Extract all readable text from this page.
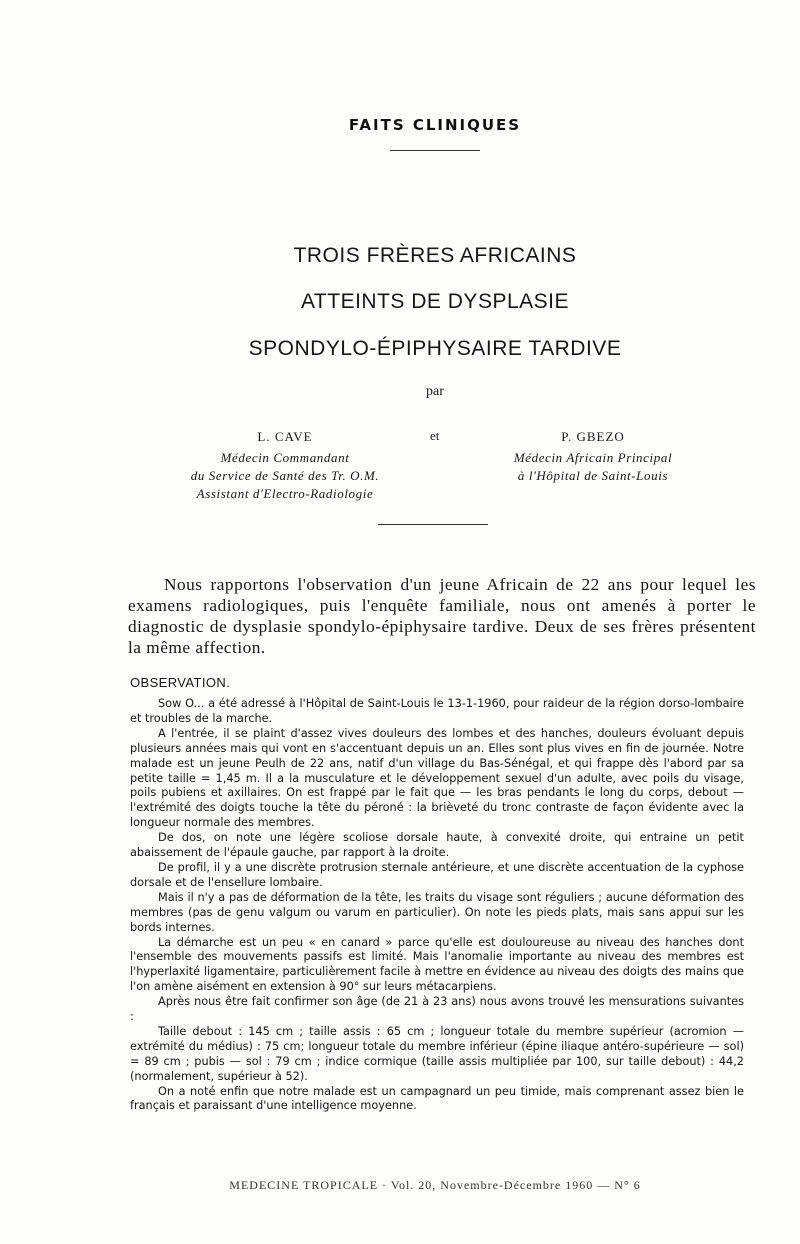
FAITS CLINIQUES
TROIS FRÈRES AFRICAINS
ATTEINTS DE DYSPLASIE
SPONDYLO-ÉPIPHYSAIRE TARDIVE
par
L. CAVE
Médecin Commandant
du Service de Santé des Tr. O.M.
Assistant d'Electro-Radiologie
et	P. GBEZO
Médecin Africain Principal
à l'Hôpital de Saint-Louis

Nous rapportons l'observation d'un jeune Africain de 22 ans pour lequel les examens radiologiques, puis l'enquête familiale, nous ont amenés à porter le diagnostic de dysplasie spondylo-épiphysaire tardive. Deux de ses frères présentent la même affection.

OBSERVATION.

Sow O... a été adressé à l'Hôpital de Saint-Louis le 13-1-1960, pour raideur de la région dorso-lombaire et troubles de la marche.

A l'entrée, il se plaint d'assez vives douleurs des lombes et des hanches, douleurs évoluant depuis plusieurs années mais qui vont en s'accentuant depuis un an. Elles sont plus vives en fin de journée. Notre malade est un jeune Peulh de 22 ans, natif d'un village du Bas-Sénégal, et qui frappe dès l'abord par sa petite taille = 1,45 m. Il a la musculature et le développement sexuel d'un adulte, avec poils du visage, poils pubiens et axillaires. On est frappé par le fait que — les bras pendants le long du corps, debout — l'extrémité des doigts touche la tête du péroné : la brièveté du tronc contraste de façon évidente avec la longueur normale des membres.

De dos, on note une légère scoliose dorsale haute, à convexité droite, qui entraine un petit abaissement de l'épaule gauche, par rapport à la droite.

De profil, il y a une discrète protrusion sternale antérieure, et une discrète accentuation de la cyphose dorsale et de l'ensellure lombaire.

Mais il n'y a pas de déformation de la tête, les traits du visage sont réguliers ; aucune déformation des membres (pas de genu valgum ou varum en particulier). On note les pieds plats, mais sans appui sur les bords internes.

La démarche est un peu « en canard » parce qu'elle est douloureuse au niveau des hanches dont l'ensemble des mouvements passifs est limité. Mais l'anomalie importante au niveau des membres est l'hyperlaxité ligamentaire, particulièrement facile à mettre en évidence au niveau des doigts des mains que l'on amène aisément en extension à 90° sur leurs métacarpiens.

Après nous être fait confirmer son âge (de 21 à 23 ans) nous avons trouvé les mensurations suivantes :

Taille debout : 145 cm ; taille assis : 65 cm ; longueur totale du membre supérieur (acromion — extrémité du médius) : 75 cm; longueur totale du membre inférieur (épine iliaque antéro-supérieure — sol) = 89 cm ; pubis — sol : 79 cm ; indice cormique (taille assis multipliée par 100, sur taille debout) : 44,2 (normalement, supérieur à 52).

On a noté enfin que notre malade est un campagnard un peu timide, mais comprenant assez bien le français et paraissant d'une intelligence moyenne.

MEDECINE TROPICALE · Vol. 20, Novembre-Décembre 1960 — N° 6
